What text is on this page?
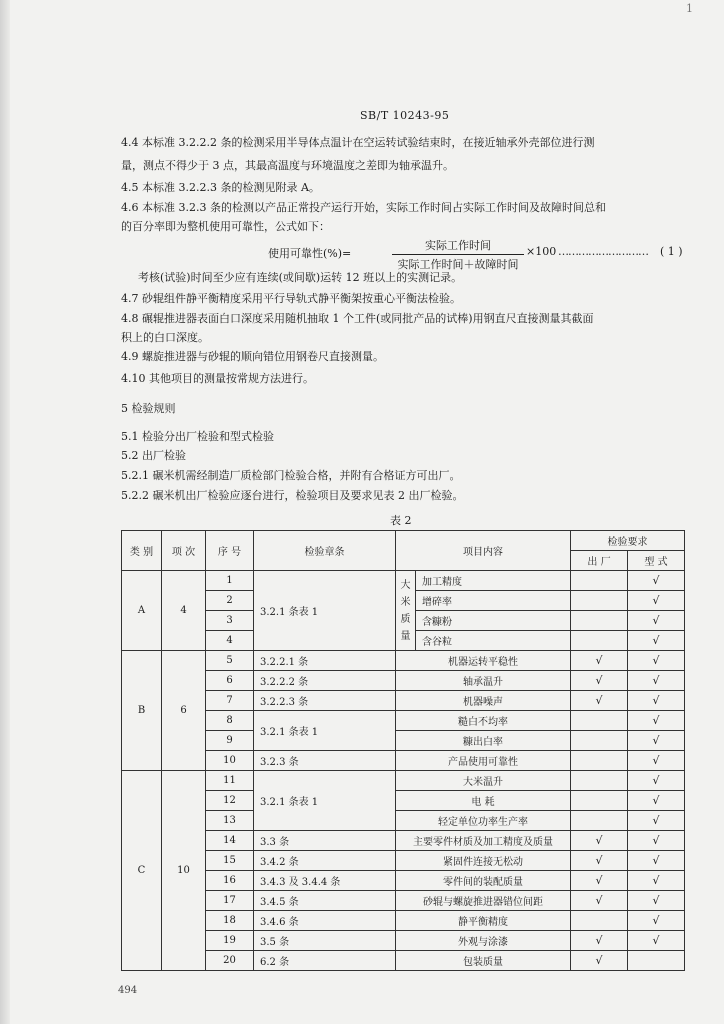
1
SB/T 10243-95
4.4 本标准 3.2.2.2 条的检测采用半导体点温计在空运转试验结束时，在接近轴承外壳部位进行测
量，测点不得少于 3 点，其最高温度与环境温度之差即为轴承温升。
4.5 本标准 3.2.2.3 条的检测见附录 A。
4.6 本标准 3.2.3 条的检测以产品正常投产运行开始，实际工作时间占实际工作时间及故障时间总和
的百分率即为整机使用可靠性，公式如下：
使用可靠性(%)=
实际工作时间
实际工作时间＋故障时间
×100 ……………………… ( 1 )
考核(试验)时间至少应有连续(或间歇)运转 12 班以上的实测记录。
4.7 砂辊组件静平衡精度采用平行导轨式静平衡架按重心平衡法检验。
4.8 碾辊推进器表面白口深度采用随机抽取 1 个工件(或同批产品的试棒)用钢直尺直接测量其截面
积上的白口深度。
4.9 螺旋推进器与砂辊的顺向错位用钢卷尺直接测量。
4.10 其他项目的测量按常规方法进行。
5 检验规则
5.1 检验分出厂检验和型式检验
5.2 出厂检验
5.2.1 碾米机需经制造厂质检部门检验合格，并附有合格证方可出厂。
5.2.2 碾米机出厂检验应逐台进行，检验项目及要求见表 2 出厂检验。
表 2
类 别	项 次	序 号	检验章条	项目内容		检验要求	
						出 厂	型 式
A	4	1	3.2.1 条表 1	大米质量	加工精度		√
		2			增碎率		√
		3			含糠粉		√
		4			含谷粒		√
B	6	5	3.2.2.1 条	机器运转平稳性		√	√
		6	3.2.2.2 条	轴承温升		√	√
		7	3.2.2.3 条	机器噪声		√	√
		8	3.2.1 条表 1	糙白不均率			√
		9		糠出白率			√
		10	3.2.3 条	产品使用可靠性			√
C	10	11	3.2.1 条表 1	大米温升			√
		12		电 耗			√
		13		轻定单位功率生产率			√
		14	3.3 条	主要零件材质及加工精度及质量		√	√
		15	3.4.2 条	紧固件连接无松动		√	√
		16	3.4.3 及 3.4.4 条	零件间的装配质量		√	√
		17	3.4.5 条	砂辊与螺旋推进器错位间距		√	√
		18	3.4.6 条	静平衡精度			√
		19	3.5 条	外观与涂漆		√	√
		20	6.2 条	包装质量		√	
494
